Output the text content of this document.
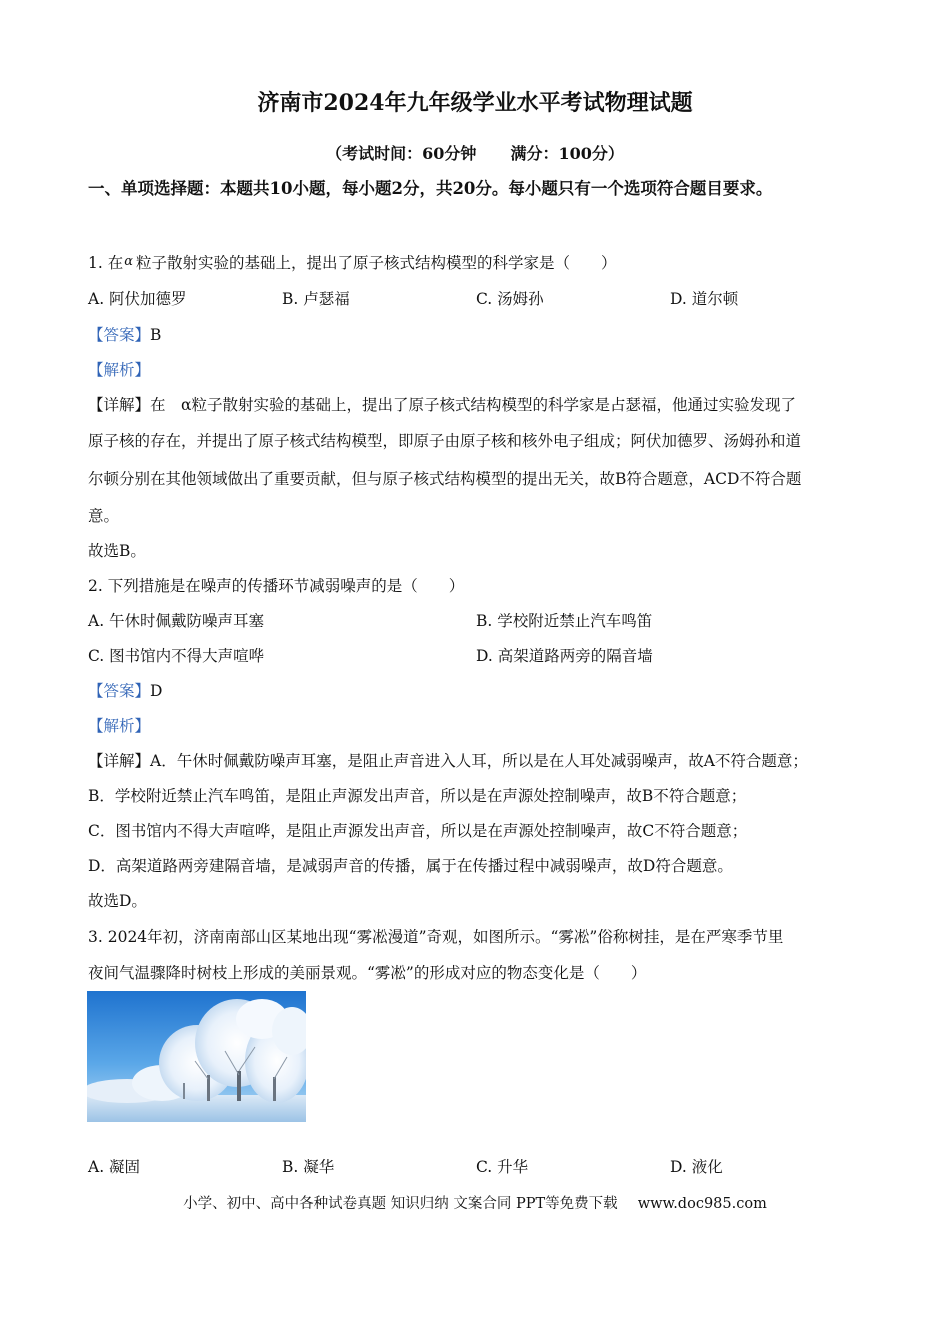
济南市2024年九年级学业水平考试物理试题
（考试时间：60分钟 满分：100分）
一、单项选择题：本题共10小题，每小题2分，共20分。每小题只有一个选项符合题目要求。
1. 在α 粒子散射实验的基础上，提出了原子核式结构模型的科学家是（　　）
A. 阿伏加德罗	B. 卢瑟福	C. 汤姆孙	D. 道尔顿
【答案】B
【解析】
【详解】在　α粒子散射实验的基础上，提出了原子核式结构模型的科学家是占瑟福，他通过实验发现了
原子核的存在，并提出了原子核式结构模型，即原子由原子核和核外电子组成；阿伏加德罗、汤姆孙和道
尔顿分别在其他领域做出了重要贡献，但与原子核式结构模型的提出无关，故B符合题意，ACD不符合题
意。
故选B。
2. 下列措施是在噪声的传播环节减弱噪声的是（　　）
A. 午休时佩戴防噪声耳塞	B. 学校附近禁止汽车鸣笛
C. 图书馆内不得大声喧哗	D. 高架道路两旁的隔音墙
【答案】D
【解析】
【详解】A．午休时佩戴防噪声耳塞，是阻止声音进入人耳，所以是在人耳处减弱噪声，故A不符合题意；
B．学校附近禁止汽车鸣笛，是阻止声源发出声音，所以是在声源处控制噪声，故B不符合题意；
C．图书馆内不得大声喧哗，是阻止声源发出声音，所以是在声源处控制噪声，故C不符合题意；
D．高架道路两旁建隔音墙，是减弱声音的传播，属于在传播过程中减弱噪声，故D符合题意。
故选D。
3. 2024年初，济南南部山区某地出现“雾凇漫道”奇观，如图所示。“雾凇”俗称树挂，是在严寒季节里
夜间气温骤降时树枝上形成的美丽景观。“雾凇”的形成对应的物态变化是（　　）
A. 凝固	B. 凝华	C. 升华	D. 液化
小学、初中、高中各种试卷真题 知识归纳 文案合同 PPT等免费下载 www.doc985.com
